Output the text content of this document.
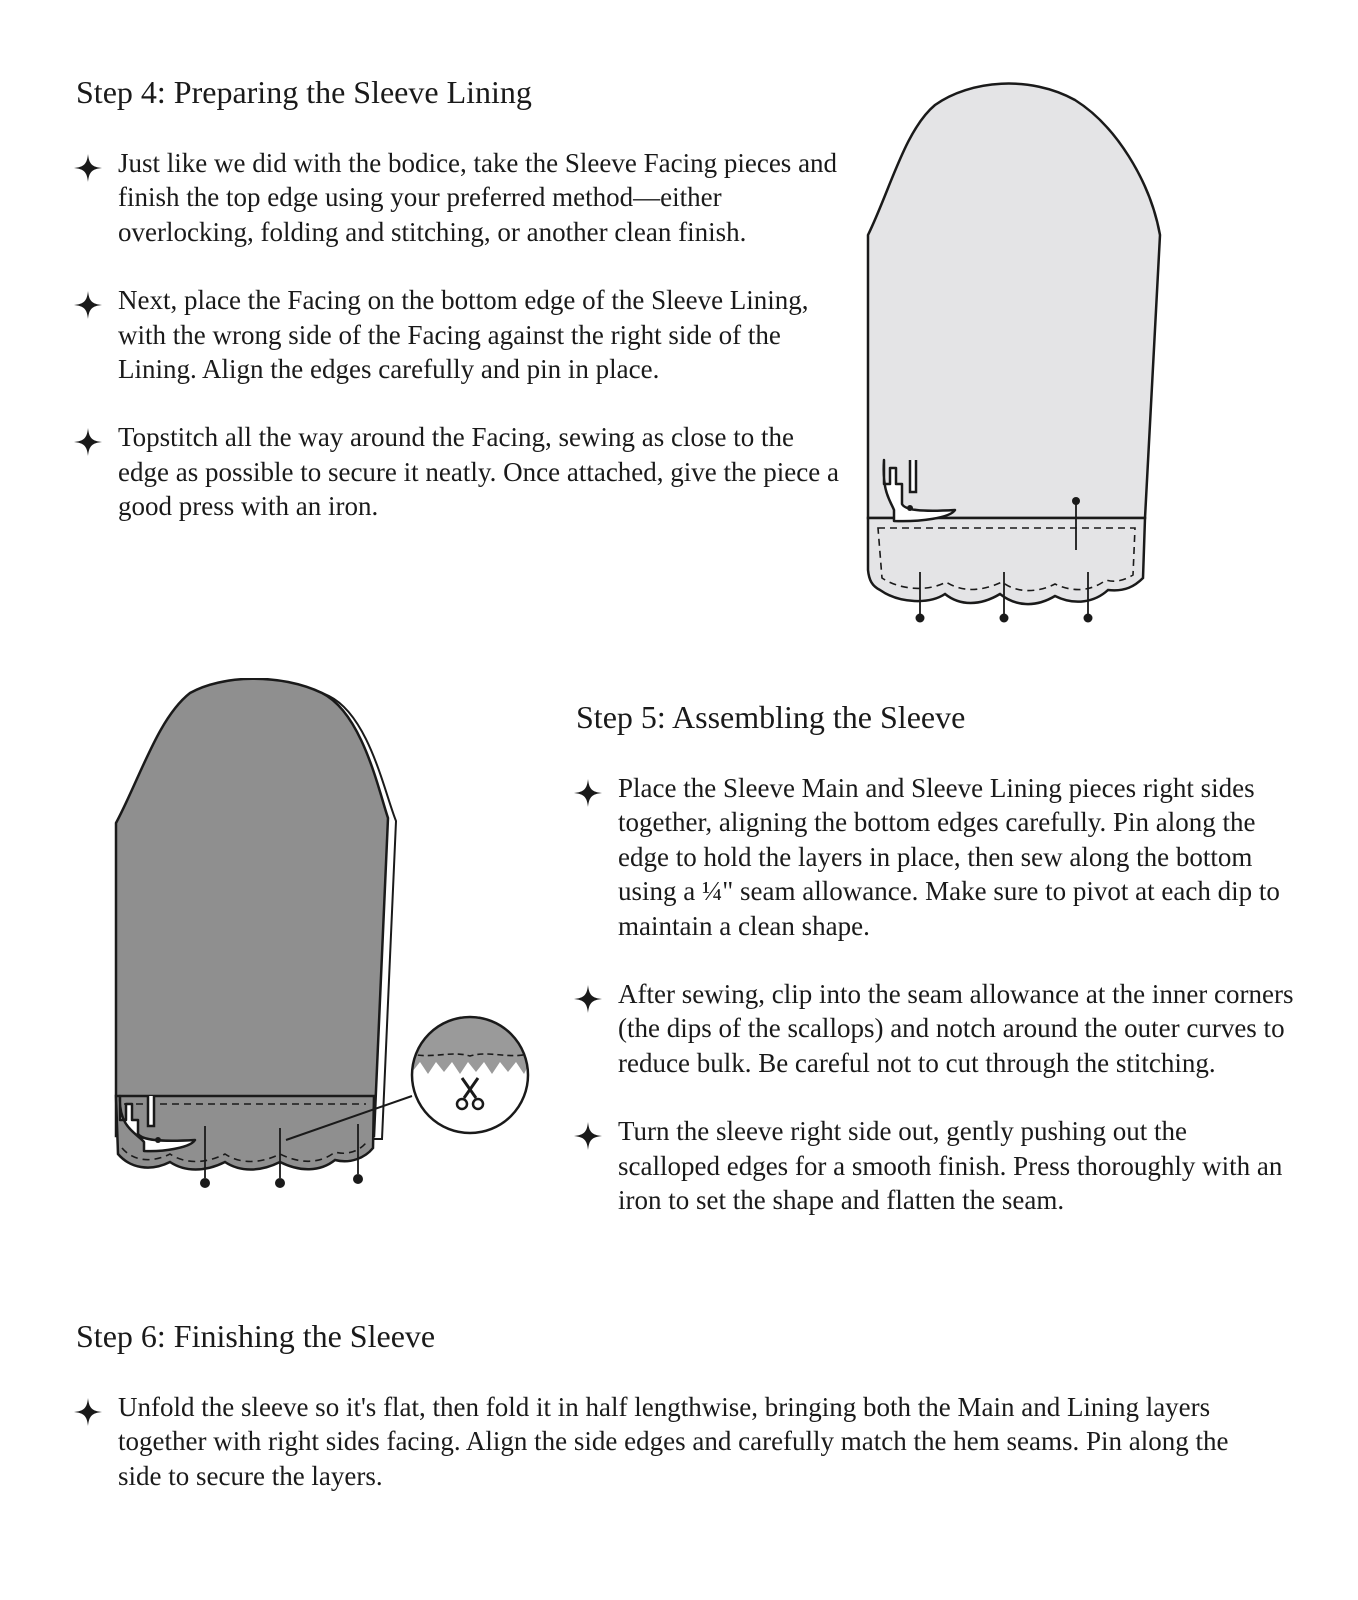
Step 4: Preparing the Sleeve Lining

Just like we did with the bodice, take the Sleeve Facing pieces and finish the top edge using your preferred method—either overlocking, folding and stitching, or another clean finish.

Next, place the Facing on the bottom edge of the Sleeve Lining, with the wrong side of the Facing against the right side of the Lining. Align the edges carefully and pin in place.

Topstitch all the way around the Facing, sewing as close to the edge as possible to secure it neatly. Once attached, give the piece a good press with an iron.

Step 5: Assembling the Sleeve

Place the Sleeve Main and Sleeve Lining pieces right sides together, aligning the bottom edges carefully. Pin along the edge to hold the layers in place, then sew along the bottom using a ¼" seam allowance. Make sure to pivot at each dip to maintain a clean shape.

After sewing, clip into the seam allowance at the inner corners (the dips of the scallops) and notch around the outer curves to reduce bulk. Be careful not to cut through the stitching.

Turn the sleeve right side out, gently pushing out the scalloped edges for a smooth finish. Press thoroughly with an iron to set the shape and flatten the seam.

Step 6: Finishing the Sleeve

Unfold the sleeve so it's flat, then fold it in half lengthwise, bringing both the Main and Lining layers together with right sides facing. Align the side edges and carefully match the hem seams. Pin along the side to secure the layers.
